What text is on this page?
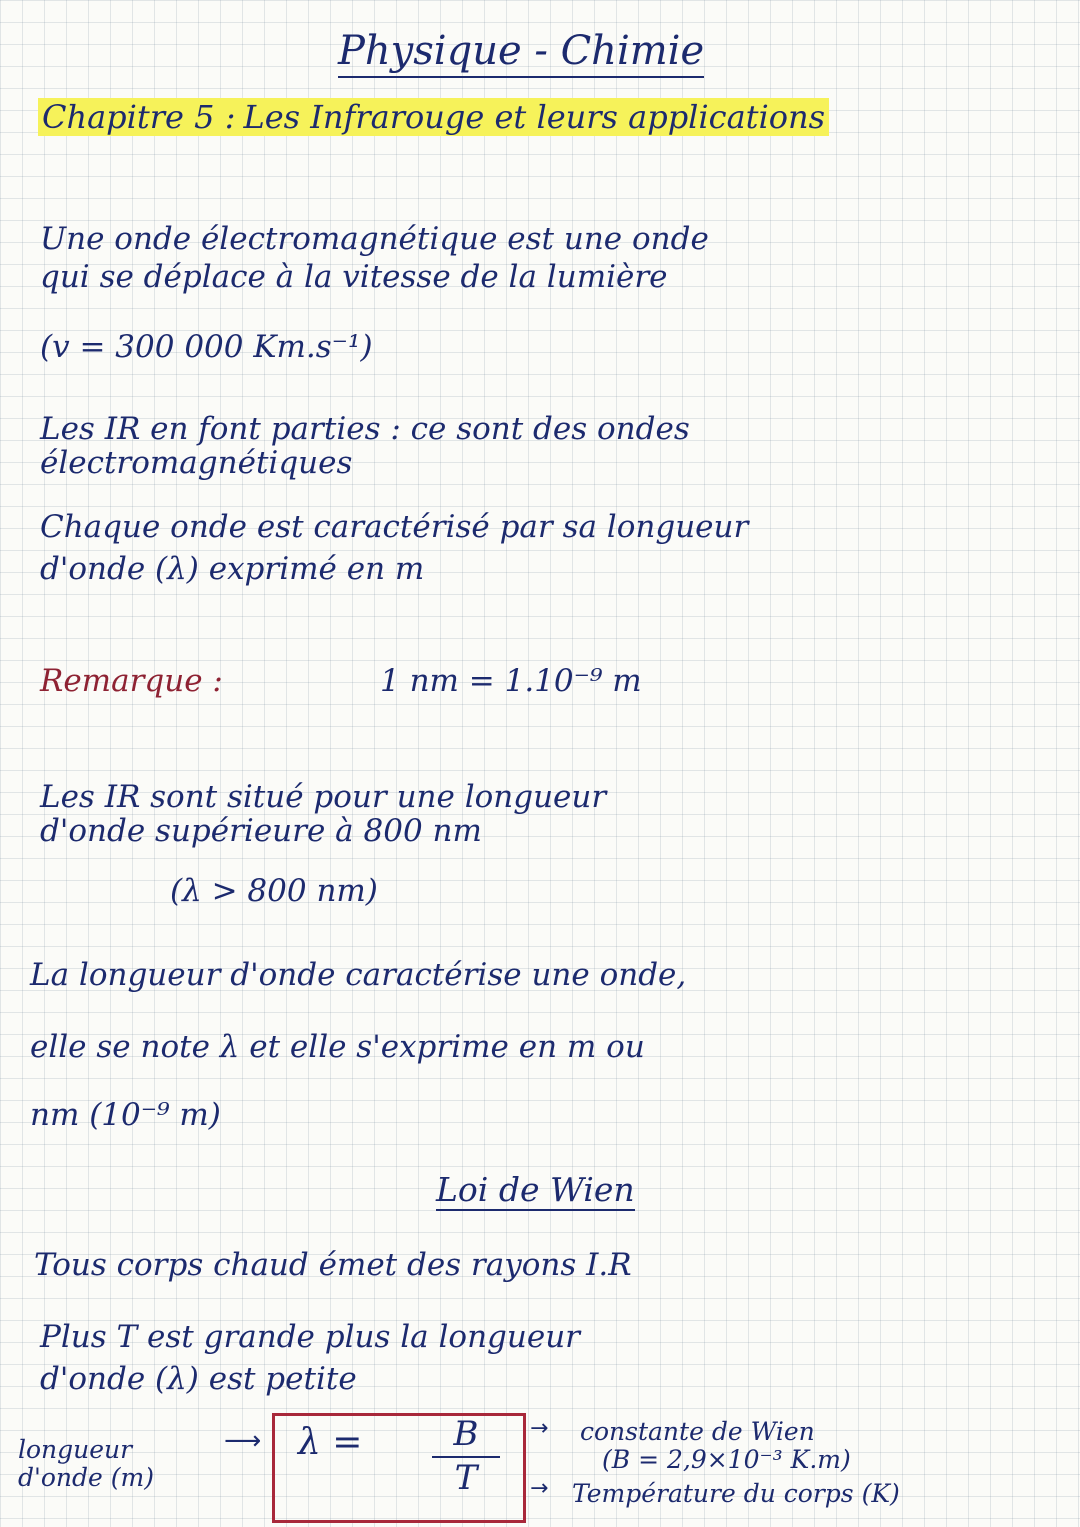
Physique - Chimie
Chapitre 5 : Les Infrarouge et leurs applications
Une onde électromagnétique est une onde
qui se déplace à la vitesse de la lumière
(v = 300 000 Km.s⁻¹)
Les IR en font parties : ce sont des ondes
électromagnétiques
Chaque onde est caractérisé par sa longueur
d'onde (λ) exprimé en m
Remarque :	1 nm = 1.10⁻⁹ m
Les IR sont situé pour une longueur
d'onde supérieure à 800 nm
(λ > 800 nm)
La longueur d'onde caractérise une onde,
elle se note λ et elle s'exprime en m ou
nm (10⁻⁹ m)
Loi de Wien
Tous corps chaud émet des rayons I.R
Plus T est grande plus la longueur
d'onde (λ) est petite
longueur
d'onde (m)
⟶ $\lambda = \frac{B}{T}$ → constante de Wien
(B = 2,9×10⁻³ K.m)
→ Température du corps (K)
